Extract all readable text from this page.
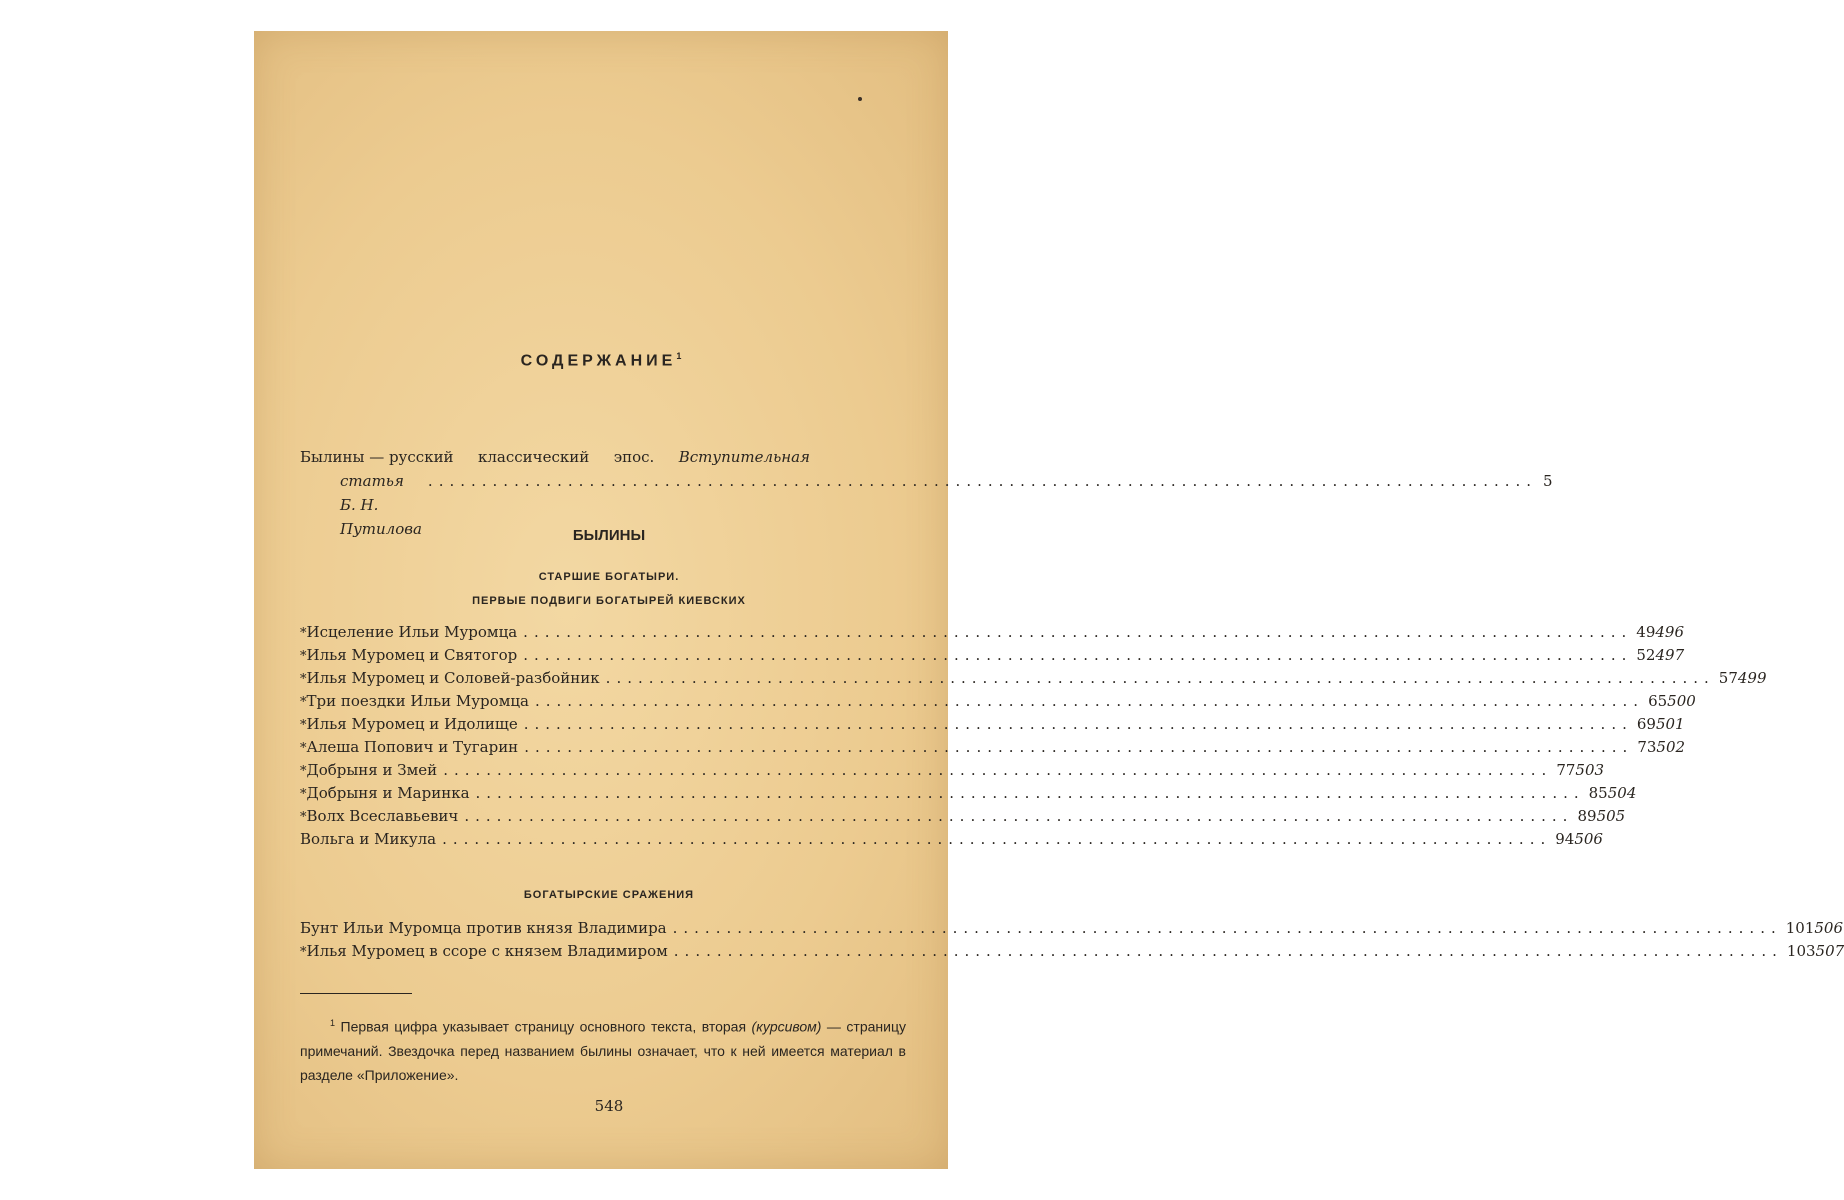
СОДЕРЖАНИЕ$^1$
Былины — русский классический эпос. Вступительная
статья Б. Н. Путилова
....................................................................................................... 5
БЫЛИНЫ
СТАРШИЕ БОГАТЫРИ.
ПЕРВЫЕ ПОДВИГИ БОГАТЫРЕЙ КИЕВСКИХ
* Исцеление Ильи Муромца ....................................................................................................... 49 496
* Илья Муромец и Святогор ....................................................................................................... 52 497
* Илья Муромец и Соловей-разбойник ....................................................................................................... 57 499
* Три поездки Ильи Муромца ....................................................................................................... 65 500
* Илья Муромец и Идолище ....................................................................................................... 69 501
* Алеша Попович и Тугарин ....................................................................................................... 73 502
* Добрыня и Змей ....................................................................................................... 77 503
* Добрыня и Маринка ....................................................................................................... 85 504
* Волх Всеславьевич ....................................................................................................... 89 505
Вольга и Микула ....................................................................................................... 94 506
БОГАТЫРСКИЕ СРАЖЕНИЯ
Бунт Ильи Муромца против князя Владимира ....................................................................................................... 101 506
* Илья Муромец в ссоре с князем Владимиром ....................................................................................................... 103 507

$^1$ Первая цифра указывает страницу основного текста, вторая (курсивом) — страницу примечаний. Звездочка перед названием былины означает, что к ней имеется материал в разделе «Приложение».

548
